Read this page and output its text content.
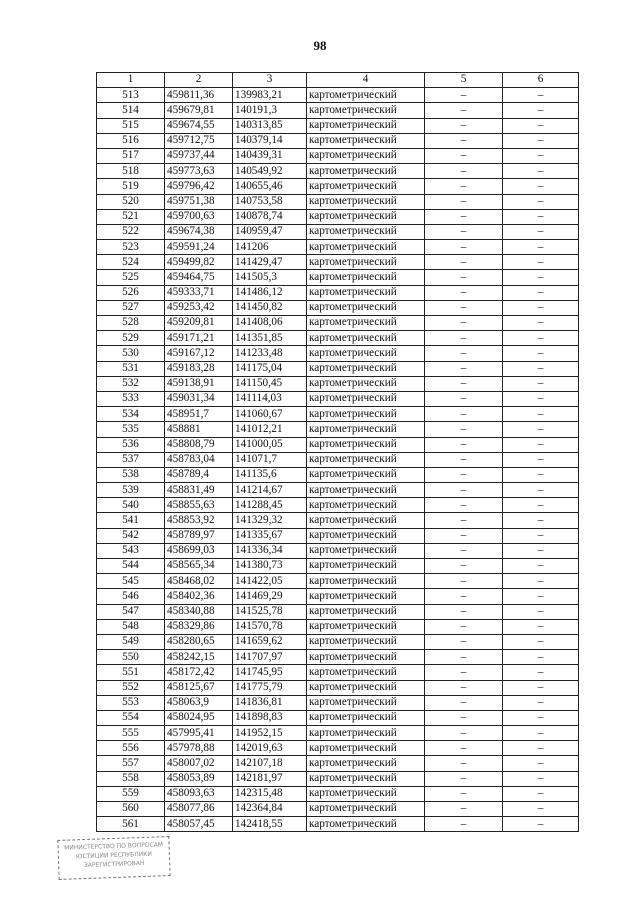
98
1	2	3	4	5	6
513	459811,36	139983,21	картометрический	–	–
514	459679,81	140191,3	картометрический	–	–
515	459674,55	140313,85	картометрический	–	–
516	459712,75	140379,14	картометрический	–	–
517	459737,44	140439,31	картометрический	–	–
518	459773,63	140549,92	картометрический	–	–
519	459796,42	140655,46	картометрический	–	–
520	459751,38	140753,58	картометрический	–	–
521	459700,63	140878,74	картометрический	–	–
522	459674,38	140959,47	картометрический	–	–
523	459591,24	141206	картометрический	–	–
524	459499,82	141429,47	картометрический	–	–
525	459464,75	141505,3	картометрический	–	–
526	459333,71	141486,12	картометрический	–	–
527	459253,42	141450,82	картометрический	–	–
528	459209,81	141408,06	картометрический	–	–
529	459171,21	141351,85	картометрический	–	–
530	459167,12	141233,48	картометрический	–	–
531	459183,28	141175,04	картометрический	–	–
532	459138,91	141150,45	картометрический	–	–
533	459031,34	141114,03	картометрический	–	–
534	458951,7	141060,67	картометрический	–	–
535	458881	141012,21	картометрический	–	–
536	458808,79	141000,05	картометрический	–	–
537	458783,04	141071,7	картометрический	–	–
538	458789,4	141135,6	картометрический	–	–
539	458831,49	141214,67	картометрический	–	–
540	458855,63	141288,45	картометрический	–	–
541	458853,92	141329,32	картометрический	–	–
542	458789,97	141335,67	картометрический	–	–
543	458699,03	141336,34	картометрический	–	–
544	458565,34	141380,73	картометрический	–	–
545	458468,02	141422,05	картометрический	–	–
546	458402,36	141469,29	картометрический	–	–
547	458340,88	141525,78	картометрический	–	–
548	458329,86	141570,78	картометрический	–	–
549	458280,65	141659,62	картометрический	–	–
550	458242,15	141707,97	картометрический	–	–
551	458172,42	141745,95	картометрический	–	–
552	458125,67	141775,79	картометрический	–	–
553	458063,9	141836,81	картометрический	–	–
554	458024,95	141898,83	картометрический	–	–
555	457995,41	141952,15	картометрический	–	–
556	457978,88	142019,63	картометрический	–	–
557	458007,02	142107,18	картометрический	–	–
558	458053,89	142181,97	картометрический	–	–
559	458093,63	142315,48	картометрический	–	–
560	458077,86	142364,84	картометрический	–	–
561	458057,45	142418,55	картометрический	–	–
МИНИСТЕРСТВО ПО ВОПРОСАМ
ЮСТИЦИИ РЕСПУБЛИКИ
ЗАРЕГИСТРИРОВАН
